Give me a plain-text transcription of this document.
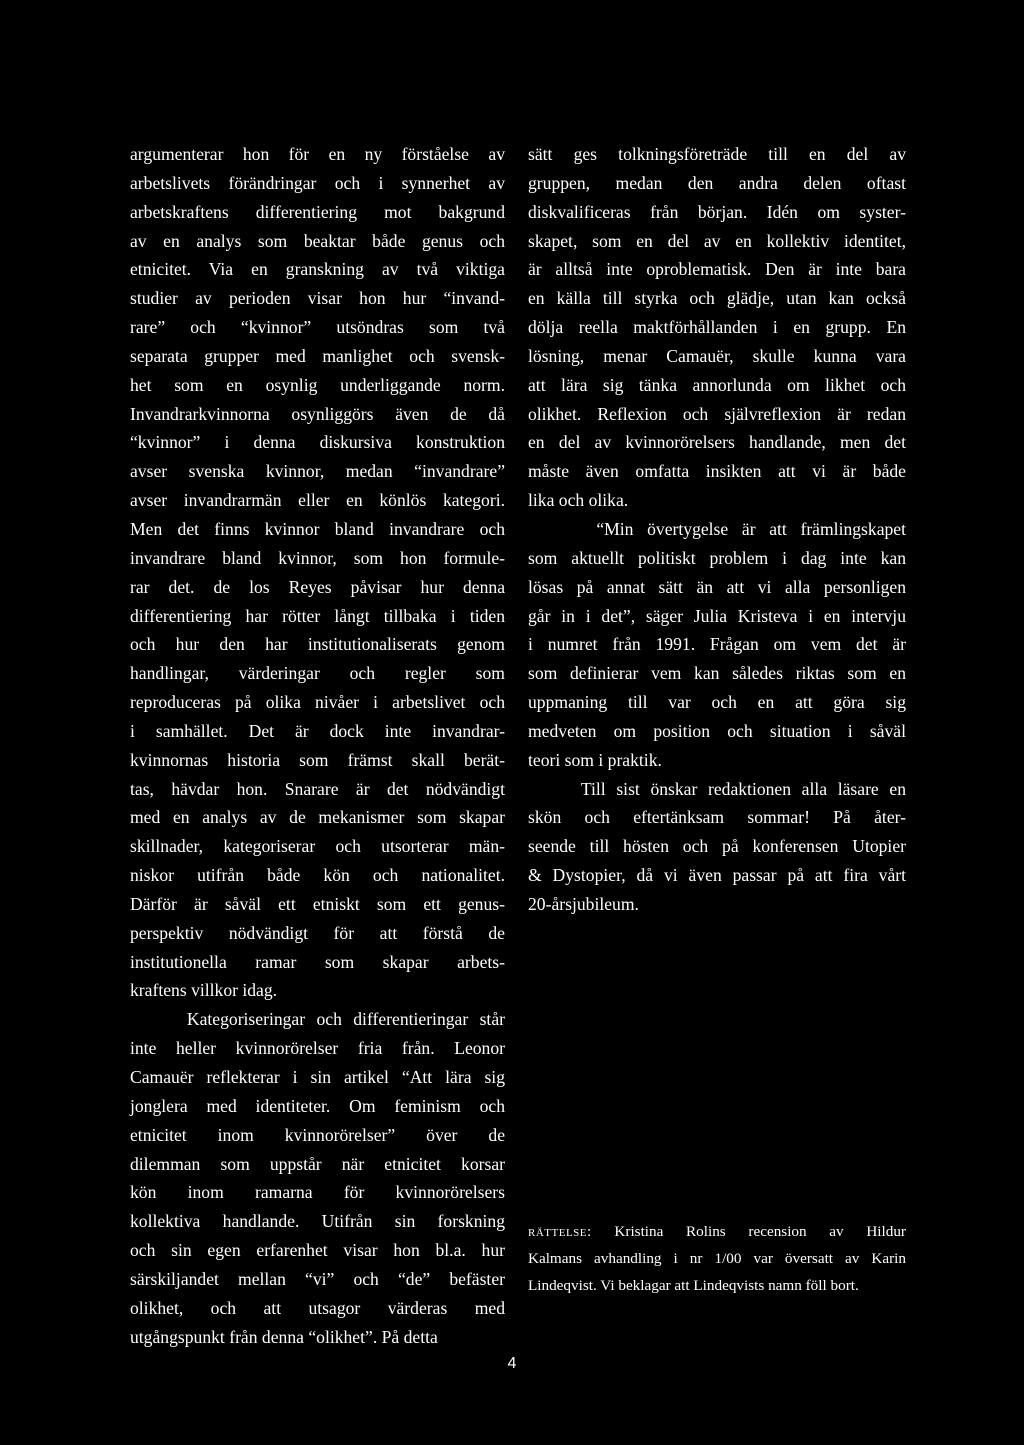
argumenterar hon för en ny förståelse av
arbetslivets förändringar och i synnerhet av
arbetskraftens differentiering mot bakgrund
av en analys som beaktar både genus och
etnicitet. Via en granskning av två viktiga
studier av perioden visar hon hur “invand-
rare” och “kvinnor” utsöndras som två
separata grupper med manlighet och svensk-
het som en osynlig underliggande norm.
Invandrarkvinnorna osynliggörs även de då
“kvinnor” i denna diskursiva konstruktion
avser svenska kvinnor, medan “invandrare”
avser invandrarmän eller en könlös kategori.
Men det finns kvinnor bland invandrare och
invandrare bland kvinnor, som hon formule-
rar det. de los Reyes påvisar hur denna
differentiering har rötter långt tillbaka i tiden
och hur den har institutionaliserats genom
handlingar, värderingar och regler som
reproduceras på olika nivåer i arbetslivet och
i samhället. Det är dock inte invandrar-
kvinnornas historia som främst skall berät-
tas, hävdar hon. Snarare är det nödvändigt
med en analys av de mekanismer som skapar
skillnader, kategoriserar och utsorterar män-
niskor utifrån både kön och nationalitet.
Därför är såväl ett etniskt som ett genus-
perspektiv nödvändigt för att förstå de
institutionella ramar som skapar arbets-
kraftens villkor idag.
Kategoriseringar och differentieringar står
inte heller kvinnorörelser fria från. Leonor
Camauër reflekterar i sin artikel “Att lära sig
jonglera med identiteter. Om feminism och
etnicitet inom kvinnorörelser” över de
dilemman som uppstår när etnicitet korsar
kön inom ramarna för kvinnorörelsers
kollektiva handlande. Utifrån sin forskning
och sin egen erfarenhet visar hon bl.a. hur
särskiljandet mellan “vi” och “de” befäster
olikhet, och att utsagor värderas med
utgångspunkt från denna “olikhet”. På detta
sätt ges tolkningsföreträde till en del av
gruppen, medan den andra delen oftast
diskvalificeras från början. Idén om syster-
skapet, som en del av en kollektiv identitet,
är alltså inte oproblematisk. Den är inte bara
en källa till styrka och glädje, utan kan också
dölja reella maktförhållanden i en grupp. En
lösning, menar Camauër, skulle kunna vara
att lära sig tänka annorlunda om likhet och
olikhet. Reflexion och självreflexion är redan
en del av kvinnorörelsers handlande, men det
måste även omfatta insikten att vi är både
lika och olika.
“Min övertygelse är att främlingskapet
som aktuellt politiskt problem i dag inte kan
lösas på annat sätt än att vi alla personligen
går in i det”, säger Julia Kristeva i en intervju
i numret från 1991. Frågan om vem det är
som definierar vem kan således riktas som en
uppmaning till var och en att göra sig
medveten om position och situation i såväl
teori som i praktik.
Till sist önskar redaktionen alla läsare en
skön och eftertänksam sommar! På åter-
seende till hösten och på konferensen Utopier
& Dystopier, då vi även passar på att fira vårt
20-årsjubileum.
rättelse: Kristina Rolins recension av Hildur
Kalmans avhandling i nr 1/00 var översatt av Karin
Lindeqvist. Vi beklagar att Lindeqvists namn föll bort.
4
